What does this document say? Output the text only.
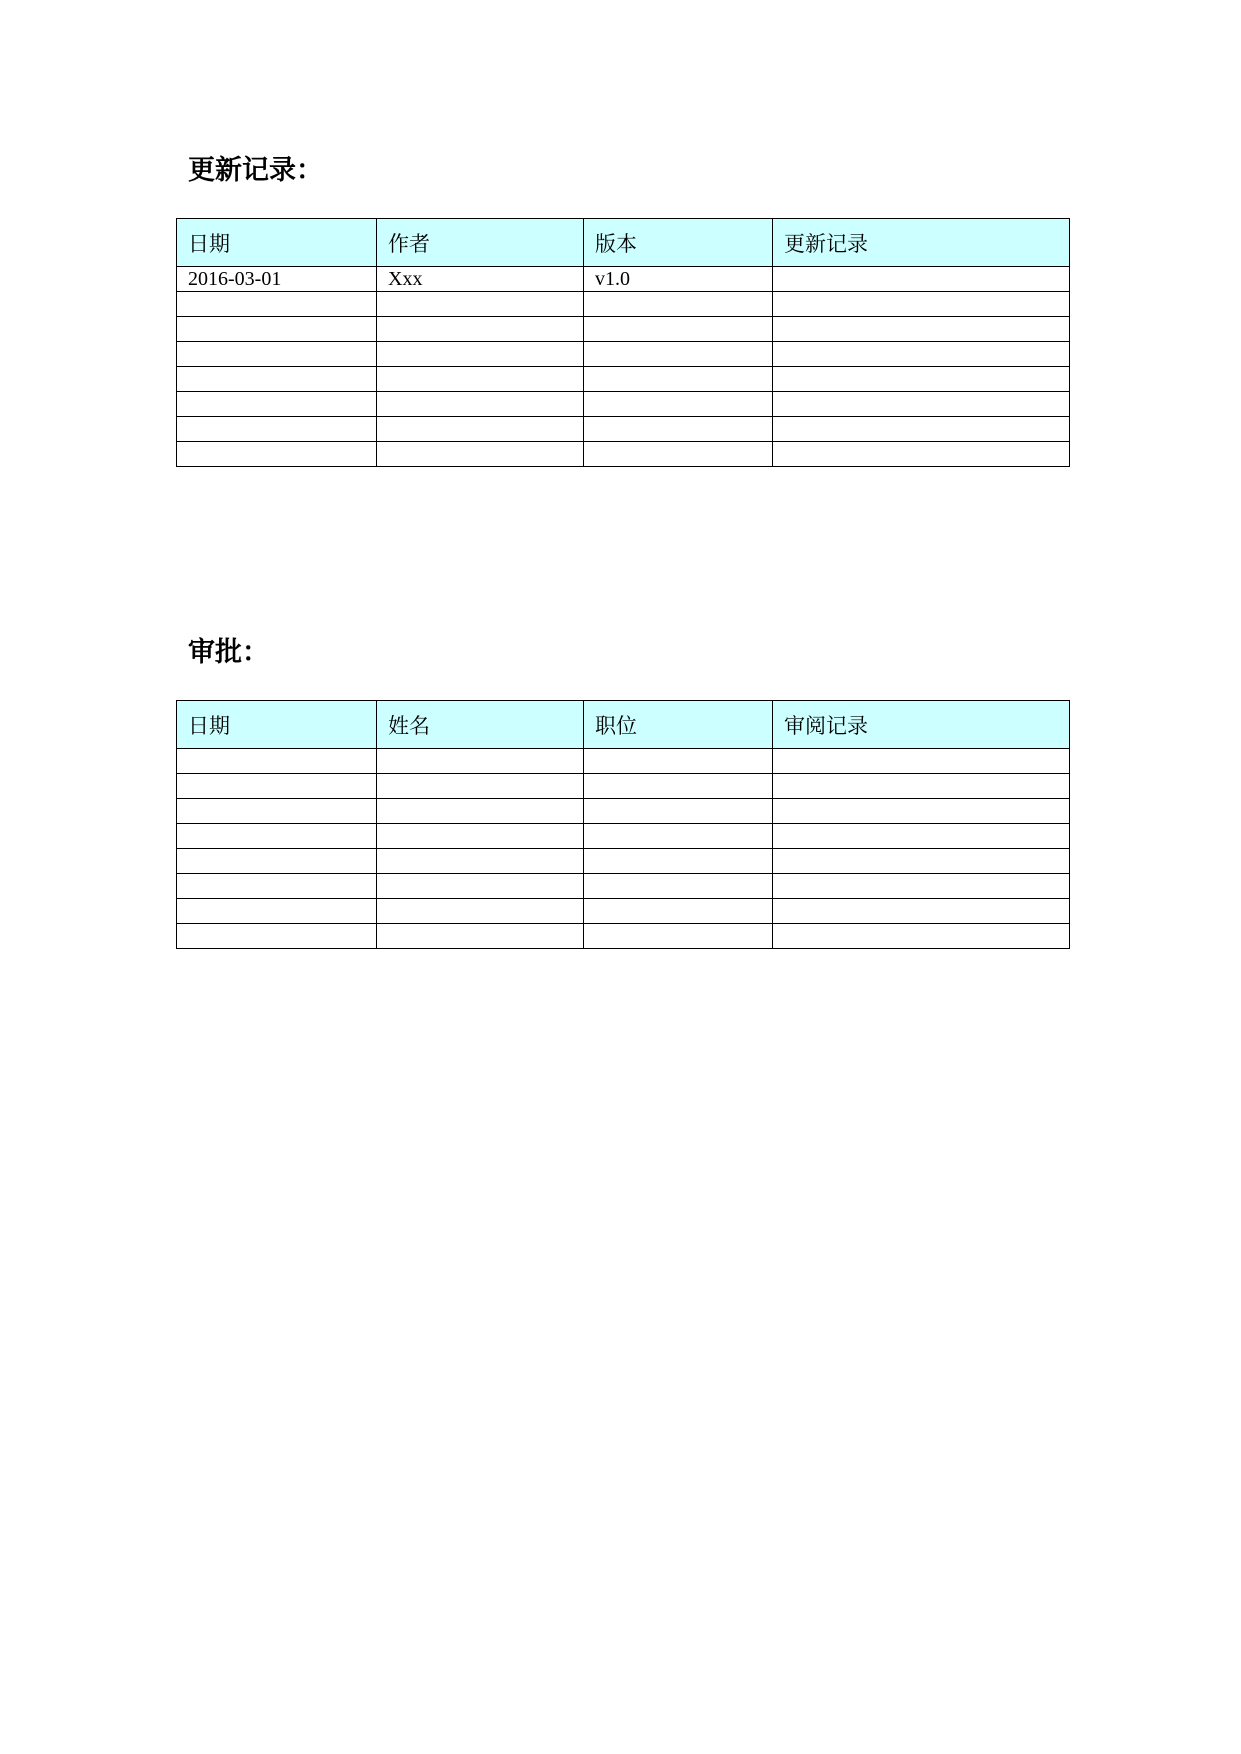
更新记录：
日期	作者	版本	更新记录
2016-03-01	Xxx	v1.0	

审批：
日期	姓名	职位	审阅记录
